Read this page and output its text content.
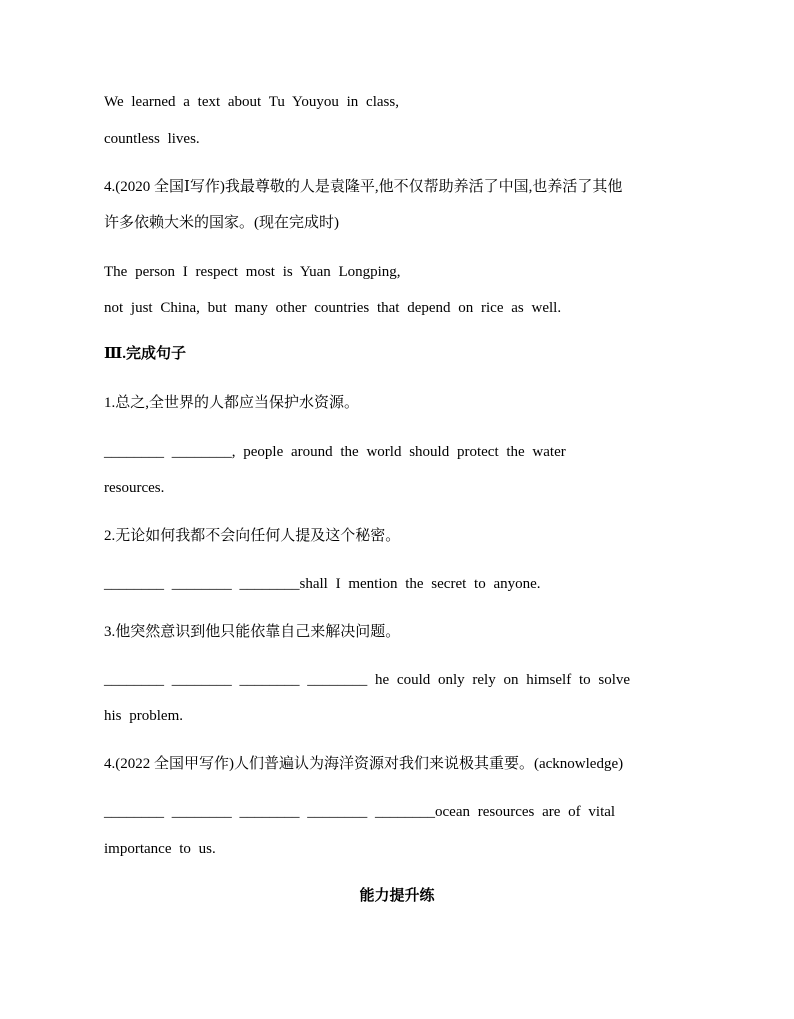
We learned a text about Tu Youyou in class,
countless lives.
4.(2020 全国Ⅰ写作)我最尊敬的人是袁隆平,他不仅帮助养活了中国,也养活了其他
许多依赖大米的国家。(现在完成时)
The person I respect most is Yuan Longping,
not just China, but many other countries that depend on rice as well.
Ⅲ.完成句子
1.总之,全世界的人都应当保护水资源。
________ ________, people around the world should protect the water
resources.
2.无论如何我都不会向任何人提及这个秘密。
________ ________ ________shall I mention the secret to anyone.
3.他突然意识到他只能依靠自己来解决问题。
________ ________ ________ ________ he could only rely on himself to solve
his problem.
4.(2022 全国甲写作)人们普遍认为海洋资源对我们来说极其重要。(acknowledge)
________ ________ ________ ________ ________ocean resources are of vital
importance to us.
能力提升练
